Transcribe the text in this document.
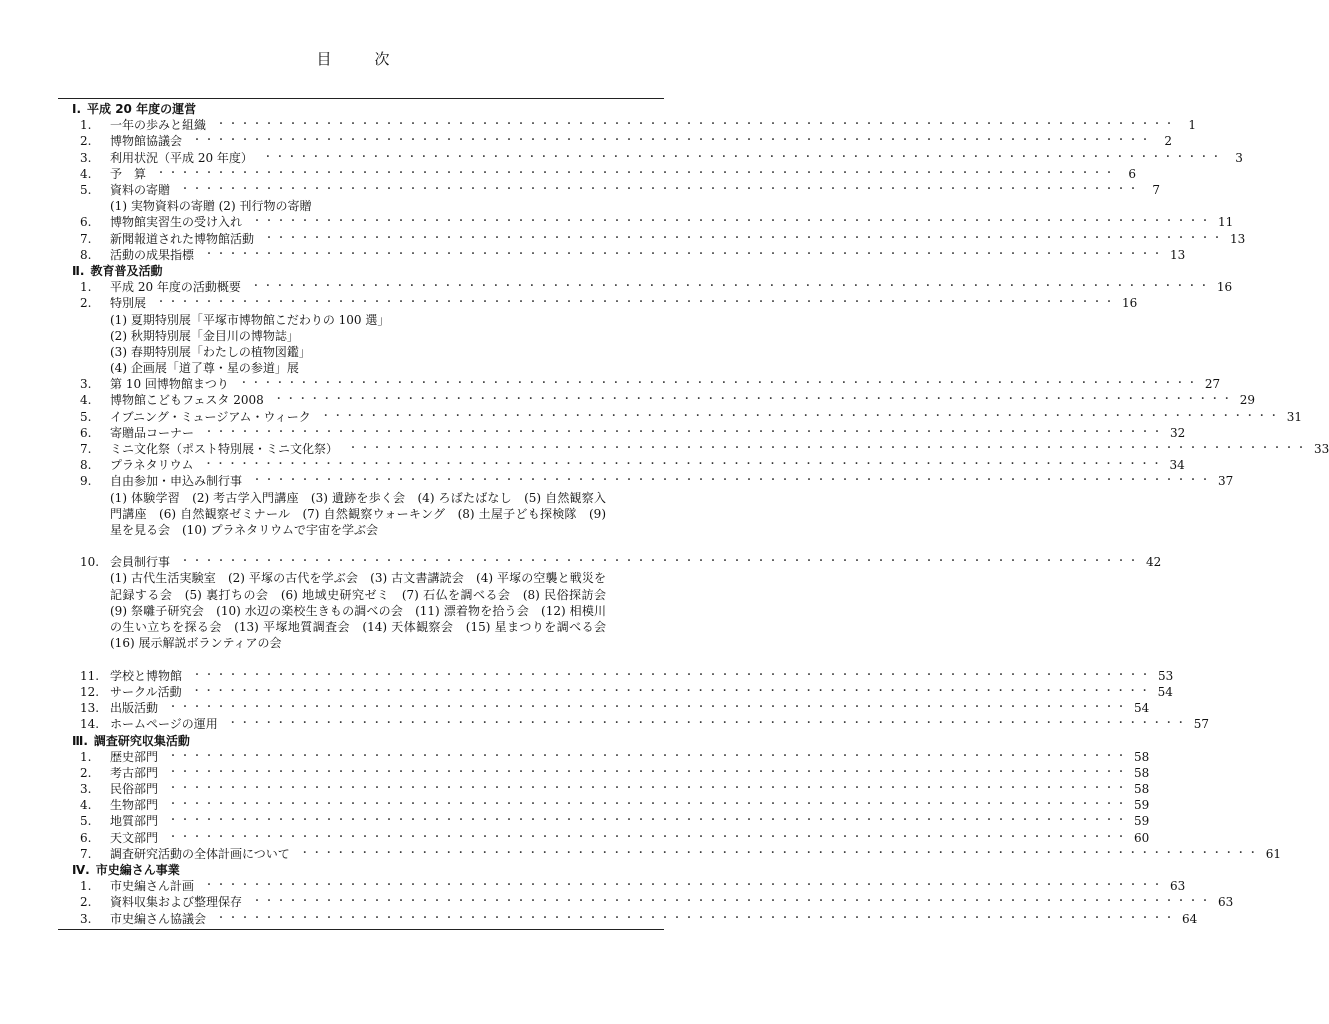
目　次
Ⅰ. 平成 20 年度の運営
1.	一年の歩みと組織 ・・・・・・・・・・・・・・・・・・・・・・・・・・・・・・・・・・・・・・・・・・・・・・・・・・・・・・・・・・・・・・・・・・・・・・・・・・・・・・・・	1
2.	博物館協議会 ・・・・・・・・・・・・・・・・・・・・・・・・・・・・・・・・・・・・・・・・・・・・・・・・・・・・・・・・・・・・・・・・・・・・・・・・・・・・・・・・	2
3.	利用状況（平成 20 年度） ・・・・・・・・・・・・・・・・・・・・・・・・・・・・・・・・・・・・・・・・・・・・・・・・・・・・・・・・・・・・・・・・・・・・・・・・・・・・・・・・	3
4.	予　算 ・・・・・・・・・・・・・・・・・・・・・・・・・・・・・・・・・・・・・・・・・・・・・・・・・・・・・・・・・・・・・・・・・・・・・・・・・・・・・・・・	6
5.	資料の寄贈 ・・・・・・・・・・・・・・・・・・・・・・・・・・・・・・・・・・・・・・・・・・・・・・・・・・・・・・・・・・・・・・・・・・・・・・・・・・・・・・・・	7
(1) 実物資料の寄贈 (2) 刊行物の寄贈
6.	博物館実習生の受け入れ ・・・・・・・・・・・・・・・・・・・・・・・・・・・・・・・・・・・・・・・・・・・・・・・・・・・・・・・・・・・・・・・・・・・・・・・・・・・・・・・・ 11
7.	新聞報道された博物館活動 ・・・・・・・・・・・・・・・・・・・・・・・・・・・・・・・・・・・・・・・・・・・・・・・・・・・・・・・・・・・・・・・・・・・・・・・・・・・・・・・・ 13
8.	活動の成果指標 ・・・・・・・・・・・・・・・・・・・・・・・・・・・・・・・・・・・・・・・・・・・・・・・・・・・・・・・・・・・・・・・・・・・・・・・・・・・・・・・・ 13
Ⅱ. 教育普及活動
1.	平成 20 年度の活動概要 ・・・・・・・・・・・・・・・・・・・・・・・・・・・・・・・・・・・・・・・・・・・・・・・・・・・・・・・・・・・・・・・・・・・・・・・・・・・・・・・・ 16
2.	特別展 ・・・・・・・・・・・・・・・・・・・・・・・・・・・・・・・・・・・・・・・・・・・・・・・・・・・・・・・・・・・・・・・・・・・・・・・・・・・・・・・・ 16
(1) 夏期特別展「平塚市博物館こだわりの 100 選」
(2) 秋期特別展「金目川の博物誌」
(3) 春期特別展「わたしの植物図鑑」
(4) 企画展「道了尊・星の参道」展
3.	第 10 回博物館まつり ・・・・・・・・・・・・・・・・・・・・・・・・・・・・・・・・・・・・・・・・・・・・・・・・・・・・・・・・・・・・・・・・・・・・・・・・・・・・・・・・ 27
4.	博物館こどもフェスタ 2008 ・・・・・・・・・・・・・・・・・・・・・・・・・・・・・・・・・・・・・・・・・・・・・・・・・・・・・・・・・・・・・・・・・・・・・・・・・・・・・・・・ 29
5.	イブニング・ミュージアム・ウィーク ・・・・・・・・・・・・・・・・・・・・・・・・・・・・・・・・・・・・・・・・・・・・・・・・・・・・・・・・・・・・・・・・・・・・・・・・・・・・・・・・ 31
6.	寄贈品コーナー ・・・・・・・・・・・・・・・・・・・・・・・・・・・・・・・・・・・・・・・・・・・・・・・・・・・・・・・・・・・・・・・・・・・・・・・・・・・・・・・・ 32
7.	ミニ文化祭（ポスト特別展・ミニ文化祭） ・・・・・・・・・・・・・・・・・・・・・・・・・・・・・・・・・・・・・・・・・・・・・・・・・・・・・・・・・・・・・・・・・・・・・・・・・・・・・・・・ 33
8.	プラネタリウム ・・・・・・・・・・・・・・・・・・・・・・・・・・・・・・・・・・・・・・・・・・・・・・・・・・・・・・・・・・・・・・・・・・・・・・・・・・・・・・・・ 34
9.	自由参加・申込み制行事 ・・・・・・・・・・・・・・・・・・・・・・・・・・・・・・・・・・・・・・・・・・・・・・・・・・・・・・・・・・・・・・・・・・・・・・・・・・・・・・・・ 37
(1) 体験学習　(2) 考古学入門講座　(3) 遺跡を歩く会　(4) ろばたばなし　(5) 自然観察入門講座　(6) 自然観察ゼミナール　(7) 自然観察ウォーキング　(8) 土屋子ども探検隊　(9) 星を見る会　(10) プラネタリウムで宇宙を学ぶ会
10. 会員制行事 ・・・・・・・・・・・・・・・・・・・・・・・・・・・・・・・・・・・・・・・・・・・・・・・・・・・・・・・・・・・・・・・・・・・・・・・・・・・・・・・・ 42
(1) 古代生活実験室　(2) 平塚の古代を学ぶ会　(3) 古文書講読会　(4) 平塚の空襲と戦災を記録する会　(5) 裏打ちの会　(6) 地域史研究ゼミ　(7) 石仏を調べる会　(8) 民俗探訪会　(9) 祭囃子研究会　(10) 水辺の楽校生きもの調べの会　(11) 漂着物を拾う会　(12) 相模川の生い立ちを探る会　(13) 平塚地質調査会　(14) 天体観察会　(15) 星まつりを調べる会　(16) 展示解説ボランティアの会
11. 学校と博物館 ・・・・・・・・・・・・・・・・・・・・・・・・・・・・・・・・・・・・・・・・・・・・・・・・・・・・・・・・・・・・・・・・・・・・・・・・・・・・・・・・ 53
12. サークル活動 ・・・・・・・・・・・・・・・・・・・・・・・・・・・・・・・・・・・・・・・・・・・・・・・・・・・・・・・・・・・・・・・・・・・・・・・・・・・・・・・・ 54
13. 出版活動 ・・・・・・・・・・・・・・・・・・・・・・・・・・・・・・・・・・・・・・・・・・・・・・・・・・・・・・・・・・・・・・・・・・・・・・・・・・・・・・・・ 54
14. ホームページの運用 ・・・・・・・・・・・・・・・・・・・・・・・・・・・・・・・・・・・・・・・・・・・・・・・・・・・・・・・・・・・・・・・・・・・・・・・・・・・・・・・・ 57
Ⅲ. 調査研究収集活動
1.	歴史部門 ・・・・・・・・・・・・・・・・・・・・・・・・・・・・・・・・・・・・・・・・・・・・・・・・・・・・・・・・・・・・・・・・・・・・・・・・・・・・・・・・ 58
2.	考古部門 ・・・・・・・・・・・・・・・・・・・・・・・・・・・・・・・・・・・・・・・・・・・・・・・・・・・・・・・・・・・・・・・・・・・・・・・・・・・・・・・・ 58
3.	民俗部門 ・・・・・・・・・・・・・・・・・・・・・・・・・・・・・・・・・・・・・・・・・・・・・・・・・・・・・・・・・・・・・・・・・・・・・・・・・・・・・・・・ 58
4.	生物部門 ・・・・・・・・・・・・・・・・・・・・・・・・・・・・・・・・・・・・・・・・・・・・・・・・・・・・・・・・・・・・・・・・・・・・・・・・・・・・・・・・ 59
5.	地質部門 ・・・・・・・・・・・・・・・・・・・・・・・・・・・・・・・・・・・・・・・・・・・・・・・・・・・・・・・・・・・・・・・・・・・・・・・・・・・・・・・・ 59
6.	天文部門 ・・・・・・・・・・・・・・・・・・・・・・・・・・・・・・・・・・・・・・・・・・・・・・・・・・・・・・・・・・・・・・・・・・・・・・・・・・・・・・・・ 60
7.	調査研究活動の全体計画について ・・・・・・・・・・・・・・・・・・・・・・・・・・・・・・・・・・・・・・・・・・・・・・・・・・・・・・・・・・・・・・・・・・・・・・・・・・・・・・・・ 61
Ⅳ. 市史編さん事業
1.	市史編さん計画 ・・・・・・・・・・・・・・・・・・・・・・・・・・・・・・・・・・・・・・・・・・・・・・・・・・・・・・・・・・・・・・・・・・・・・・・・・・・・・・・・ 63
2.	資料収集および整理保存 ・・・・・・・・・・・・・・・・・・・・・・・・・・・・・・・・・・・・・・・・・・・・・・・・・・・・・・・・・・・・・・・・・・・・・・・・・・・・・・・・ 63
3.	市史編さん協議会 ・・・・・・・・・・・・・・・・・・・・・・・・・・・・・・・・・・・・・・・・・・・・・・・・・・・・・・・・・・・・・・・・・・・・・・・・・・・・・・・・ 64
